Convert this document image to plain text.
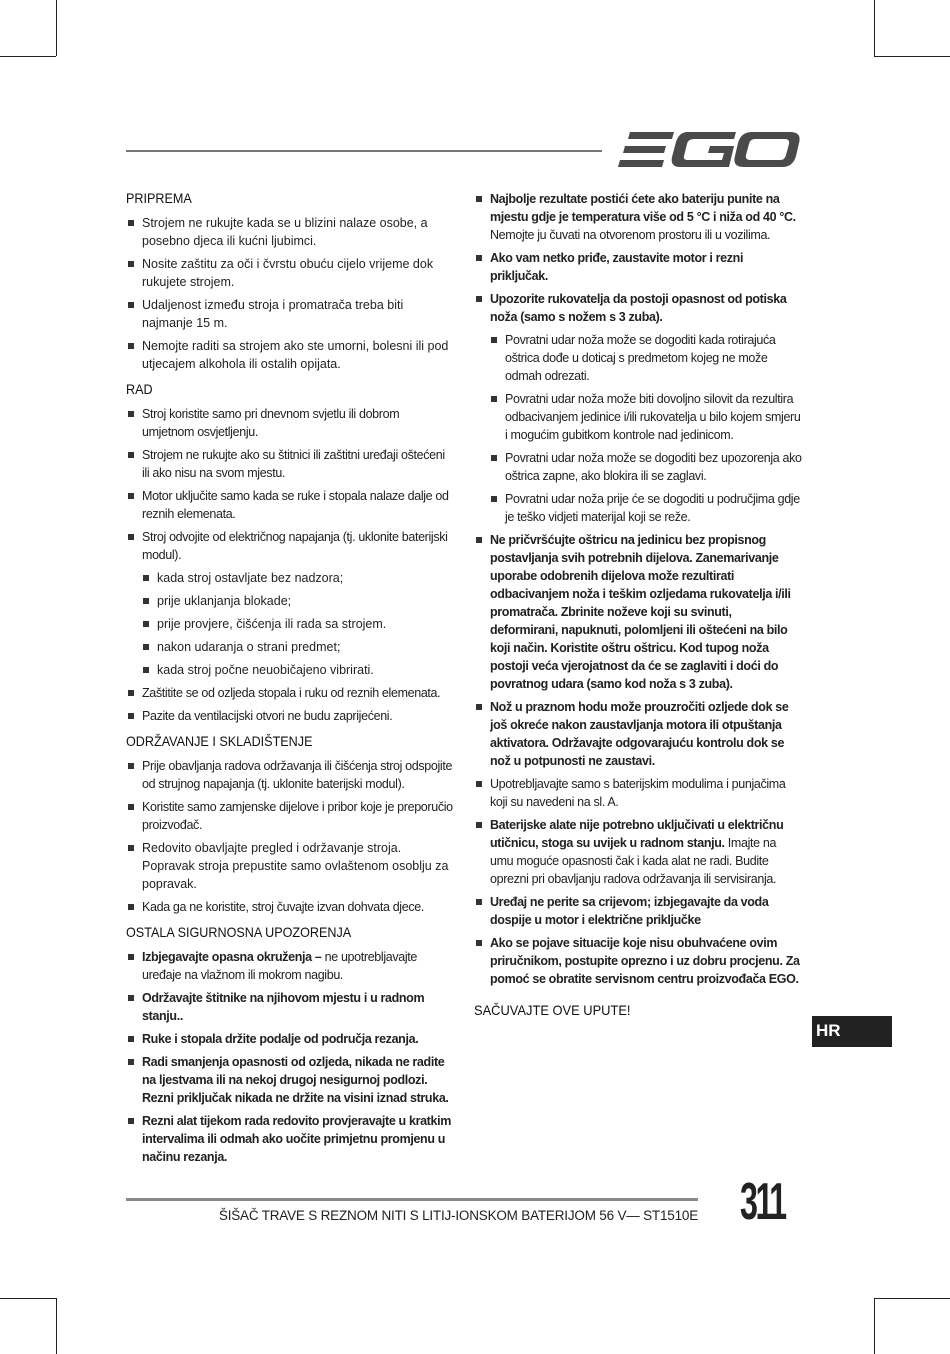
PRIPREMA
Strojem ne rukujte kada se u blizini nalaze osobe, a posebno djeca ili kućni ljubimci.
Nosite zaštitu za oči i čvrstu obuću cijelo vrijeme dok rukujete strojem.
Udaljenost između stroja i promatrača treba biti najmanje 15 m.
Nemojte raditi sa strojem ako ste umorni, bolesni ili pod utjecajem alkohola ili ostalih opijata.
RAD
Stroj koristite samo pri dnevnom svjetlu ili dobrom umjetnom osvjetljenju.
Strojem ne rukujte ako su štitnici ili zaštitni uređaji oštećeni ili ako nisu na svom mjestu.
Motor uključite samo kada se ruke i stopala nalaze dalje od reznih elemenata.
Stroj odvojite od električnog napajanja (tj. uklonite baterijski modul).
kada stroj ostavljate bez nadzora;
prije uklanjanja blokade;
prije provjere, čišćenja ili rada sa strojem.
nakon udaranja o strani predmet;
kada stroj počne neuobičajeno vibrirati.
Zaštitite se od ozljeda stopala i ruku od reznih elemenata.
Pazite da ventilacijski otvori ne budu zaprijećeni.
ODRŽAVANJE I SKLADIŠTENJE
Prije obavljanja radova održavanja ili čišćenja stroj odspojite od strujnog napajanja (tj. uklonite baterijski modul).
Koristite samo zamjenske dijelove i pribor koje je preporučio proizvođač.
Redovito obavljajte pregled i održavanje stroja. Popravak stroja prepustite samo ovlaštenom osoblju za popravak.
Kada ga ne koristite, stroj čuvajte izvan dohvata djece.
OSTALA SIGURNOSNA UPOZORENJA
Izbjegavajte opasna okruženja – ne upotrebljavajte uređaje na vlažnom ili mokrom nagibu.
Održavajte štitnike na njihovom mjestu i u radnom stanju..
Ruke i stopala držite podalje od područja rezanja.
Radi smanjenja opasnosti od ozljeda, nikada ne radite na ljestvama ili na nekoj drugoj nesigurnoj podlozi. Rezni priključak nikada ne držite na visini iznad struka.
Rezni alat tijekom rada redovito provjeravajte u kratkim intervalima ili odmah ako uočite primjetnu promjenu u načinu rezanja.
Najbolje rezultate postići ćete ako bateriju punite na mjestu gdje je temperatura više od 5 °C i niža od 40 °C. Nemojte ju čuvati na otvorenom prostoru ili u vozilima.
Ako vam netko priđe, zaustavite motor i rezni priključak.
Upozorite rukovatelja da postoji opasnost od potiska noža (samo s nožem s 3 zuba).
Povratni udar noža može se dogoditi kada rotirajuća oštrica dođe u doticaj s predmetom kojeg ne može odmah odrezati.
Povratni udar noža može biti dovoljno silovit da rezultira odbacivanjem jedinice i/ili rukovatelja u bilo kojem smjeru i mogućim gubitkom kontrole nad jedinicom.
Povratni udar noža može se dogoditi bez upozorenja ako oštrica zapne, ako blokira ili se zaglavi.
Povratni udar noža prije će se dogoditi u područjima gdje je teško vidjeti materijal koji se reže.
Ne pričvršćujte oštricu na jedinicu bez propisnog postavljanja svih potrebnih dijelova. Zanemarivanje uporabe odobrenih dijelova može rezultirati odbacivanjem noža i teškim ozljedama rukovatelja i/ili promatrača. Zbrinite noževe koji su svinuti, deformirani, napuknuti, polomljeni ili oštećeni na bilo koji način. Koristite oštru oštricu. Kod tupog noža postoji veća vjerojatnost da će se zaglaviti i doći do povratnog udara (samo kod noža s 3 zuba).
Nož u praznom hodu može prouzročiti ozljede dok se još okreće nakon zaustavljanja motora ili otpuštanja aktivatora. Održavajte odgovarajuću kontrolu dok se nož u potpunosti ne zaustavi.
Upotrebljavajte samo s baterijskim modulima i punjačima koji su navedeni na sl. A.
Baterijske alate nije potrebno uključivati u električnu utičnicu, stoga su uvijek u radnom stanju. Imajte na umu moguće opasnosti čak i kada alat ne radi. Budite oprezni pri obavljanju radova održavanja ili servisiranja.
Uređaj ne perite sa crijevom; izbjegavajte da voda dospije u motor i električne priključke
Ako se pojave situacije koje nisu obuhvaćene ovim priručnikom, postupite oprezno i uz dobru procjenu. Za pomoć se obratite servisnom centru proizvođača EGO.
SAČUVAJTE OVE UPUTE!
HR
ŠIŠAČ TRAVE S REZNOM NITI S LITIJ-IONSKOM BATERIJOM 56 V— ST1510E 311
